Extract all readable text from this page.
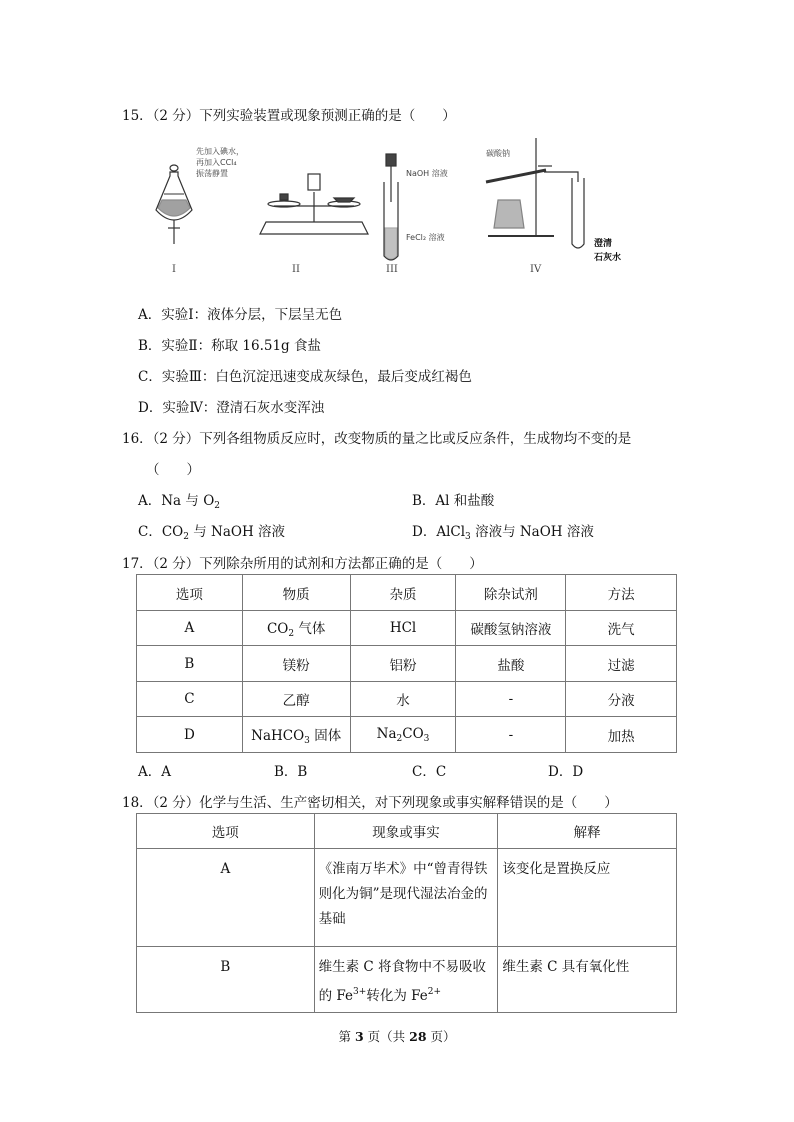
15．（2 分）下列实验装置或现象预测正确的是（　　）
先加入碘水，
再加入CCl₄
振荡静置	NaOH 溶液
FeCl₂ 溶液
碳酸钠
澄清
石灰水
I	II	III	IV
A．实验Ⅰ：液体分层，下层呈无色
B．实验Ⅱ：称取 16.51g 食盐
C．实验Ⅲ：白色沉淀迅速变成灰绿色，最后变成红褐色
D．实验Ⅳ：澄清石灰水变浑浊
16．（2 分）下列各组物质反应时，改变物质的量之比或反应条件，生成物均不变的是
（　　）
A．Na 与 $O_2$	B．Al 和盐酸
C．$CO_2$ 与 NaOH 溶液	D．AlCl$_3$ 溶液与 NaOH 溶液
17．（2 分）下列除杂所用的试剂和方法都正确的是（　　）
选项	物质	杂质	除杂试剂	方法
A	$CO_2$ 气体	HCl	碳酸氢钠溶液	洗气
B	镁粉	铝粉	盐酸	过滤
C	乙醇	水	-	分液
D	NaHCO$_3$ 固体	$Na_2CO_3$	-	加热
A．A	B．B	C．C	D．D
18．（2 分）化学与生活、生产密切相关，对下列现象或事实解释错误的是（　　）
选项	现象或事实	解释
A	《淮南万毕术》中“曾青得铁则化为铜”是现代湿法冶金的基础	该变化是置换反应
B	维生素 C 将食物中不易吸收的 $Fe^{3+}$转化为 $Fe^{2+}$	维生素 C 具有氧化性
第 3 页（共 28 页）
